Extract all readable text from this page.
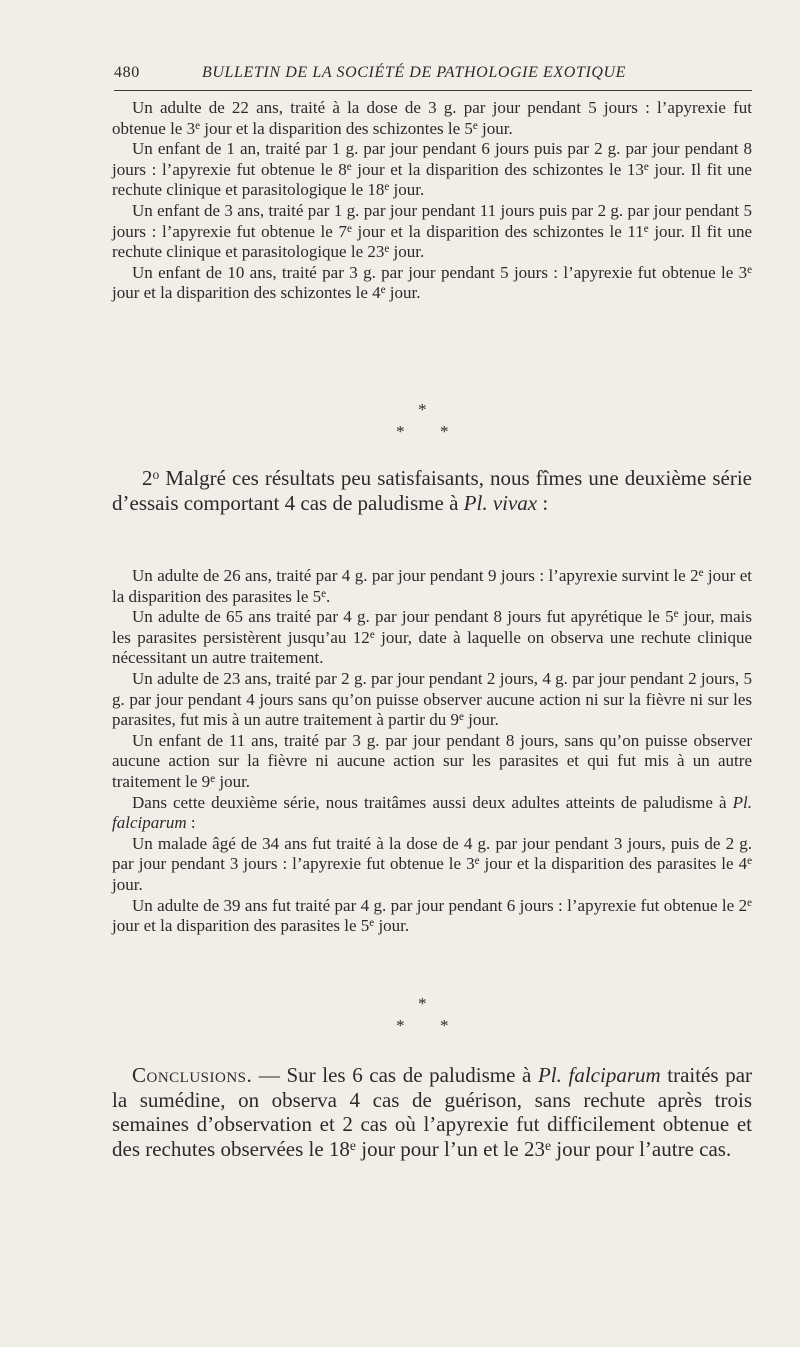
480	BULLETIN DE LA SOCIÉTÉ DE PATHOLOGIE EXOTIQUE

Un adulte de 22 ans, traité à la dose de 3 g. par jour pendant 5 jours : l’apyrexie fut obtenue le 3e jour et la disparition des schizontes le 5e jour.

Un enfant de 1 an, traité par 1 g. par jour pendant 6 jours puis par 2 g. par jour pendant 8 jours : l’apyrexie fut obtenue le 8e jour et la disparition des schizontes le 13e jour. Il fit une rechute clinique et parasitologique le 18e jour.

Un enfant de 3 ans, traité par 1 g. par jour pendant 11 jours puis par 2 g. par jour pendant 5 jours : l’apyrexie fut obtenue le 7e jour et la disparition des schizontes le 11e jour. Il fit une rechute clinique et parasitologique le 23e jour.

Un enfant de 10 ans, traité par 3 g. par jour pendant 5 jours : l’apyrexie fut obtenue le 3e jour et la disparition des schizontes le 4e jour.

*
* *

2$^o$ Malgré ces résultats peu satisfaisants, nous fîmes une deuxième série d’essais comportant 4 cas de paludisme à Pl. vivax :

Un adulte de 26 ans, traité par 4 g. par jour pendant 9 jours : l’apyrexie survint le 2e jour et la disparition des parasites le 5e.

Un adulte de 65 ans traité par 4 g. par jour pendant 8 jours fut apyrétique le 5e jour, mais les parasites persistèrent jusqu’au 12e jour, date à laquelle on observa une rechute clinique nécessitant un autre traitement.

Un adulte de 23 ans, traité par 2 g. par jour pendant 2 jours, 4 g. par jour pendant 2 jours, 5 g. par jour pendant 4 jours sans qu’on puisse observer aucune action ni sur la fièvre ni sur les parasites, fut mis à un autre traitement à partir du 9e jour.

Un enfant de 11 ans, traité par 3 g. par jour pendant 8 jours, sans qu’on puisse observer aucune action sur la fièvre ni aucune action sur les parasites et qui fut mis à un autre traitement le 9e jour.

Dans cette deuxième série, nous traitâmes aussi deux adultes atteints de paludisme à Pl. falciparum :

Un malade âgé de 34 ans fut traité à la dose de 4 g. par jour pendant 3 jours, puis de 2 g. par jour pendant 3 jours : l’apyrexie fut obtenue le 3e jour et la disparition des parasites le 4e jour.

Un adulte de 39 ans fut traité par 4 g. par jour pendant 6 jours : l’apyrexie fut obtenue le 2e jour et la disparition des parasites le 5e jour.

*
* *

Conclusions. — Sur les 6 cas de paludisme à Pl. falciparum traités par la sumédine, on observa 4 cas de guérison, sans rechute après trois semaines d’observation et 2 cas où l’apyrexie fut difficilement obtenue et des rechutes observées le 18e jour pour l’un et le 23e jour pour l’autre cas.
